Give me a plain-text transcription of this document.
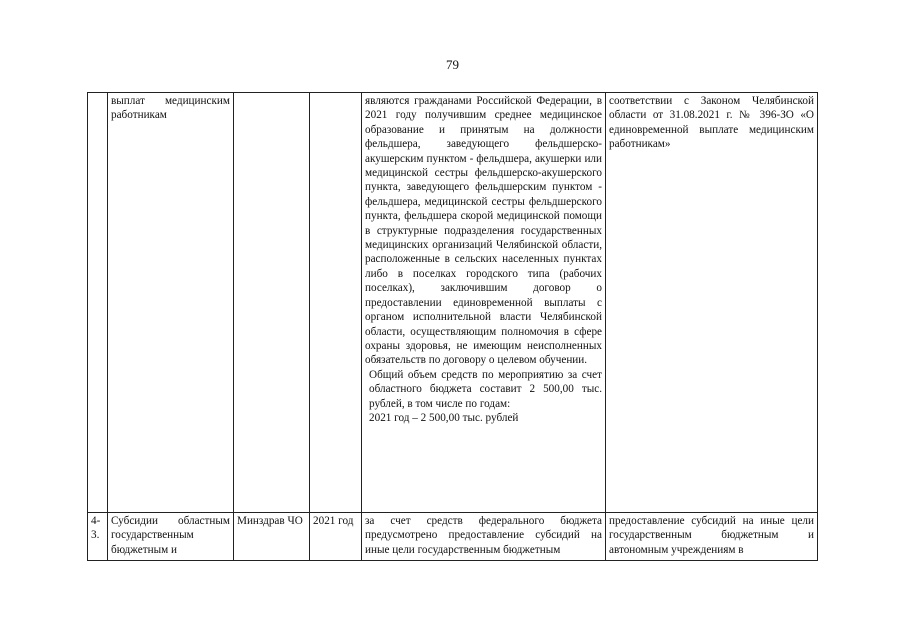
79
	выплат медицинским работникам			являются гражданами Российской Федерации, в 2021 году получившим среднее медицинское образование и принятым на должности фельдшера, заведующего фельдшерско-акушерским пунктом - фельдшера, акушерки или медицинской сестры фельдшерско-акушерского пункта, заведующего фельдшерским пунктом - фельдшера, медицинской сестры фельдшерского пункта, фельдшера скорой медицинской помощи в структурные подразделения государственных медицинских организаций Челябинской области, расположенные в сельских населенных пунктах либо в поселках городского типа (рабочих поселках), заключившим договор о предоставлении единовременной выплаты с органом исполнительной власти Челябинской области, осуществляющим полномочия в сфере охраны здоровья, не имеющим неисполненных обязательств по договору о целевом обучении.
Общий объем средств по мероприятию за счет областного бюджета составит 2 500,00 тыс. рублей, в том числе по годам:
2021 год – 2 500,00 тыс. рублей	соответствии с Законом Челябинской области от 31.08.2021 г. № 396-ЗО «О единовременной выплате медицинским работникам»
4-3.	Субсидии областным государственным бюджетным и	Минздрав ЧО	2021 год	за счет средств федерального бюджета предусмотрено предоставление субсидий на иные цели государственным бюджетным	предоставление субсидий на иные цели государственным бюджетным и автономным учреждениям в
